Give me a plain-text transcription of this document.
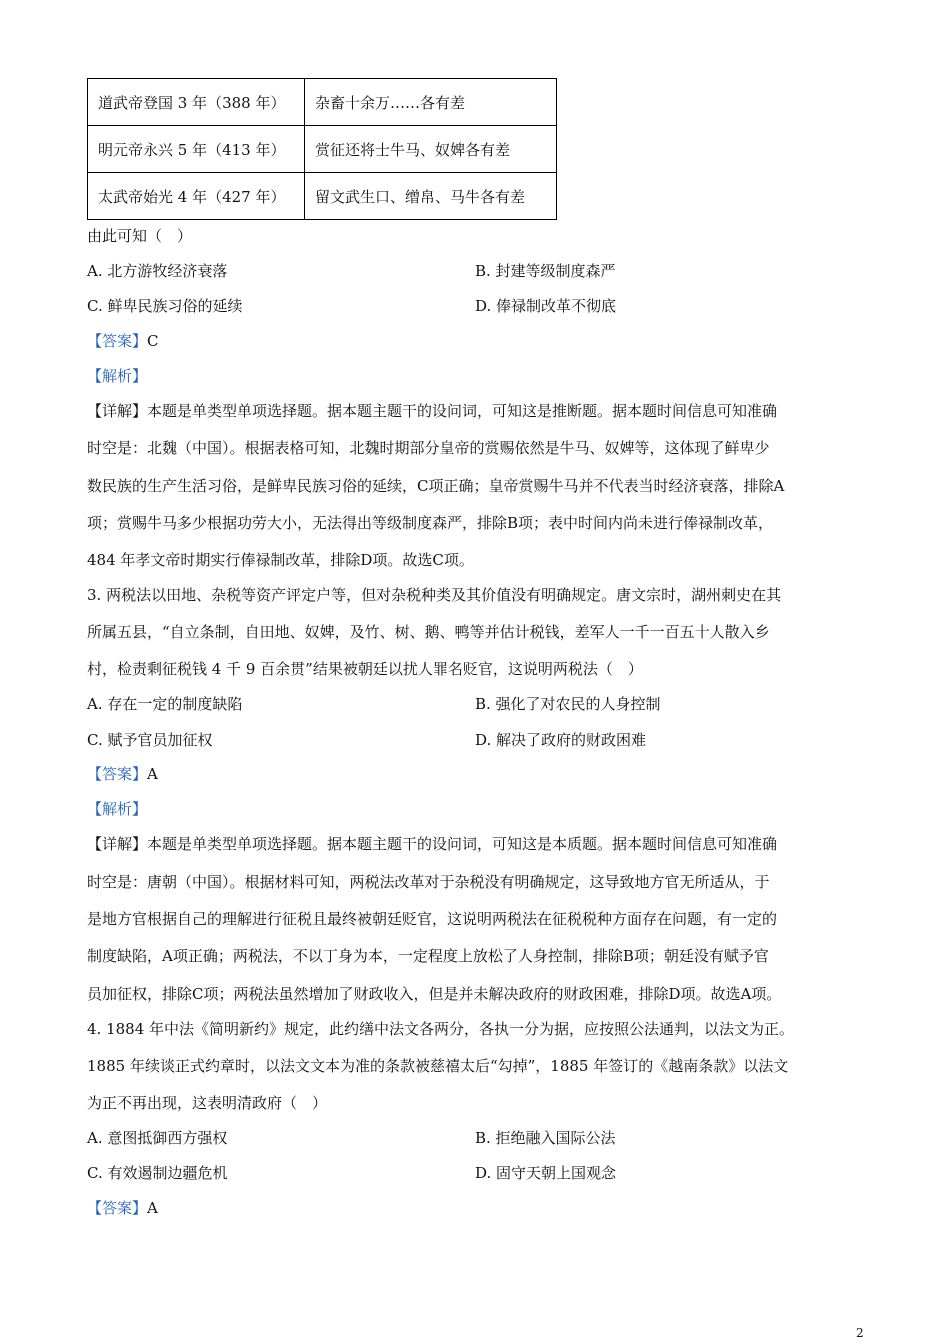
道武帝登国 3 年（388 年）	杂畜十余万……各有差
明元帝永兴 5 年（413 年）	赏征还将士牛马、奴婢各有差
太武帝始光 4 年（427 年）	留文武生口、缯帛、马牛各有差
由此可知（　）
A. 北方游牧经济衰落	B. 封建等级制度森严
C. 鲜卑民族习俗的延续	D. 俸禄制改革不彻底
【答案】C
【解析】
【详解】本题是单类型单项选择题。据本题主题干的设问词，可知这是推断题。据本题时间信息可知准确
时空是：北魏（中国）。根据表格可知，北魏时期部分皇帝的赏赐依然是牛马、奴婢等，这体现了鲜卑少
数民族的生产生活习俗，是鲜卑民族习俗的延续，C项正确；皇帝赏赐牛马并不代表当时经济衰落，排除A
项；赏赐牛马多少根据功劳大小，无法得出等级制度森严，排除B项；表中时间内尚未进行俸禄制改革，
484 年孝文帝时期实行俸禄制改革，排除D项。故选C项。
3. 两税法以田地、杂税等资产评定户等，但对杂税种类及其价值没有明确规定。唐文宗时，湖州刺史在其
所属五县，“自立条制，自田地、奴婢，及竹、树、鹅、鸭等并估计税钱，差军人一千一百五十人散入乡
村，检责剩征税钱 4 千 9 百余贯”结果被朝廷以扰人罪名贬官，这说明两税法（　）
A. 存在一定的制度缺陷	B. 强化了对农民的人身控制
C. 赋予官员加征权	D. 解决了政府的财政困难
【答案】A
【解析】
【详解】本题是单类型单项选择题。据本题主题干的设问词，可知这是本质题。据本题时间信息可知准确
时空是：唐朝（中国）。根据材料可知，两税法改革对于杂税没有明确规定，这导致地方官无所适从，于
是地方官根据自己的理解进行征税且最终被朝廷贬官，这说明两税法在征税税种方面存在问题，有一定的
制度缺陷，A项正确；两税法，不以丁身为本，一定程度上放松了人身控制，排除B项；朝廷没有赋予官
员加征权，排除C项；两税法虽然增加了财政收入，但是并未解决政府的财政困难，排除D项。故选A项。
4. 1884 年中法《简明新约》规定，此约缮中法文各两分，各执一分为据，应按照公法通判，以法文为正。
1885 年续谈正式约章时，以法文文本为准的条款被慈禧太后“勾掉”，1885 年签订的《越南条款》以法文
为正不再出现，这表明清政府（　）
A. 意图抵御西方强权	B. 拒绝融入国际公法
C. 有效遏制边疆危机	D. 固守天朝上国观念
【答案】A
2
